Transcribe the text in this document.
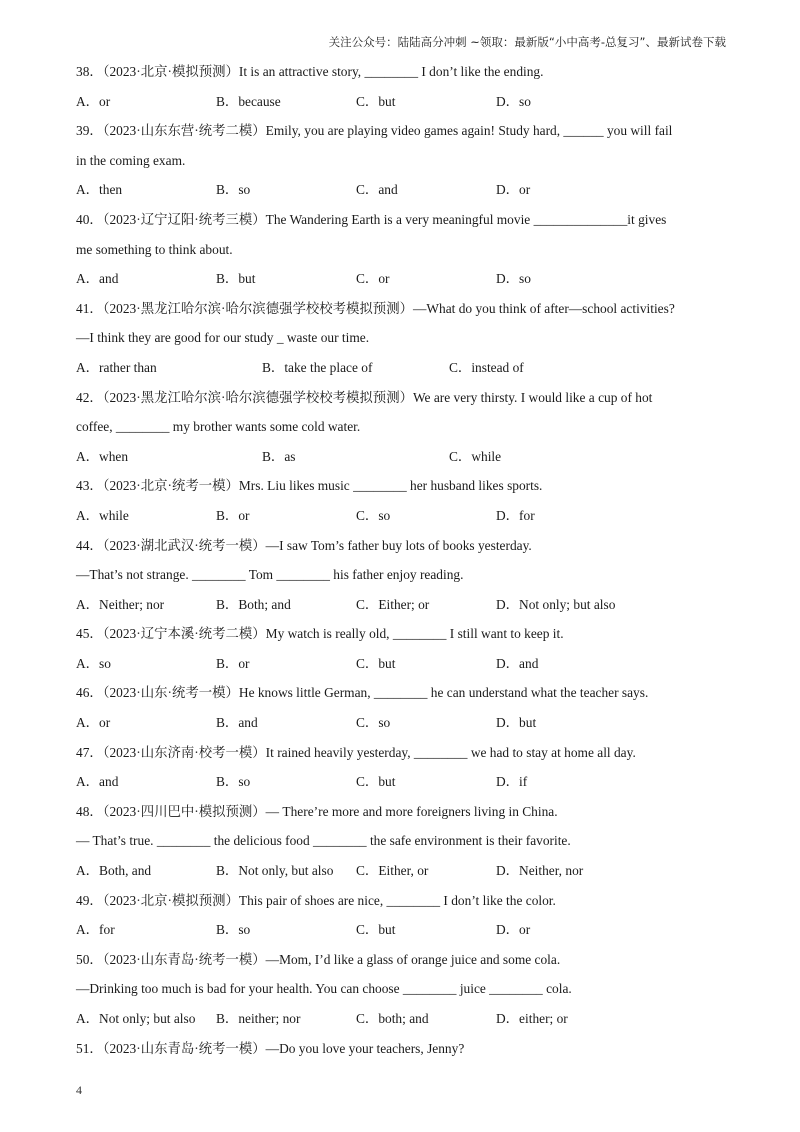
关注公众号：陆陆高分冲刺 ~领取：最新版“小中高考-总复习”、最新试卷下载
38．（2023·北京·模拟预测）It is an attractive story, ________ I don’t like the ending.
A．or	B．because	C．but	D．so
39．（2023·山东东营·统考二模）Emily, you are playing video games again! Study hard, ______ you will fail
in the coming exam.
A．then	B．so	C．and	D．or
40．（2023·辽宁辽阳·统考三模）The Wandering Earth is a very meaningful movie ______________it gives
me something to think about.
A．and	B．but	C．or	D．so
41．（2023·黑龙江哈尔滨·哈尔滨德强学校校考模拟预测）—What do you think of after—school activities?
—I think they are good for our study _ waste our time.
A．rather than	B．take the place of	C．instead of
42．（2023·黑龙江哈尔滨·哈尔滨德强学校校考模拟预测）We are very thirsty. I would like a cup of hot
coffee, ________ my brother wants some cold water.
A．when	B．as	C．while
43．（2023·北京·统考一模）Mrs. Liu likes music ________ her husband likes sports.
A．while	B．or	C．so	D．for
44．（2023·湖北武汉·统考一模）—I saw Tom’s father buy lots of books yesterday.
—That’s not strange. ________ Tom ________ his father enjoy reading.
A．Neither; nor	B．Both; and	C．Either; or	D．Not only; but also
45．（2023·辽宁本溪·统考二模）My watch is really old, ________ I still want to keep it.
A．so	B．or	C．but	D．and
46．（2023·山东·统考一模）He knows little German, ________ he can understand what the teacher says.
A．or	B．and	C．so	D．but
47．（2023·山东济南·校考一模）It rained heavily yesterday, ________ we had to stay at home all day.
A．and	B．so	C．but	D．if
48．（2023·四川巴中·模拟预测）— There’re more and more foreigners living in China.
— That’s true. ________ the delicious food ________ the safe environment is their favorite.
A．Both, and	B．Not only, but also C．Either, or	D．Neither, nor
49．（2023·北京·模拟预测）This pair of shoes are nice, ________ I don’t like the color.
A．for	B．so	C．but	D．or
50．（2023·山东青岛·统考一模）—Mom, I’d like a glass of orange juice and some cola.
—Drinking too much is bad for your health. You can choose ________ juice ________ cola.
A．Not only; but also B．neither; nor	C．both; and	D．either; or
51．（2023·山东青岛·统考一模）—Do you love your teachers, Jenny?
4
